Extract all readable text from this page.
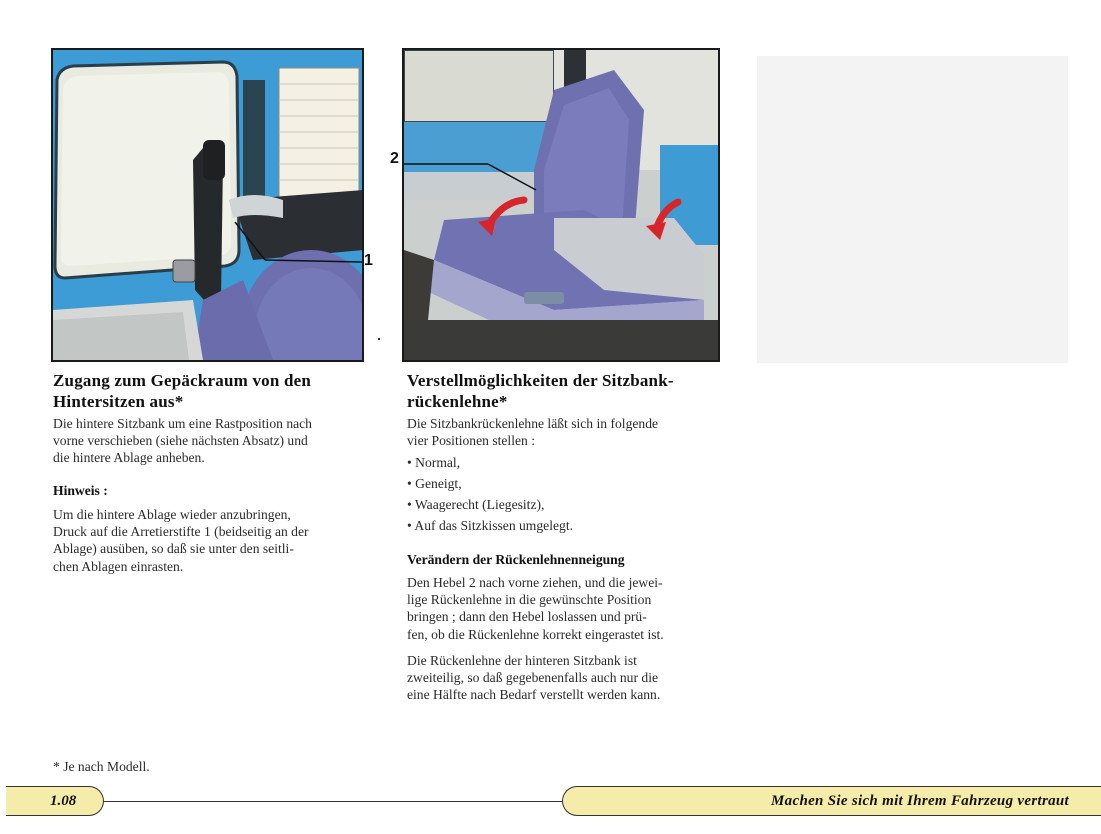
1
2
Zugang zum Gepäckraum von den Hintersitzen aus*
Die hintere Sitzbank um eine Rastposition nach
vorne verschieben (siehe nächsten Absatz) und
die hintere Ablage anheben.
Hinweis :
Um die hintere Ablage wieder anzubringen,
Druck auf die Arretierstifte 1 (beidseitig an der
Ablage) ausüben, so daß sie unter den seitli-
chen Ablagen einrasten.
Verstellmöglichkeiten der Sitzbank-rückenlehne*
Die Sitzbankrückenlehne läßt sich in folgende
vier Positionen stellen :
• Normal,
• Geneigt,
• Waagerecht (Liegesitz),
• Auf das Sitzkissen umgelegt.
Verändern der Rückenlehnenneigung
Den Hebel 2 nach vorne ziehen, und die jewei-
lige Rückenlehne in die gewünschte Position
bringen ; dann den Hebel loslassen und prü-
fen, ob die Rückenlehne korrekt eingerastet ist.
Die Rückenlehne der hinteren Sitzbank ist
zweiteilig, so daß gegebenenfalls auch nur die
eine Hälfte nach Bedarf verstellt werden kann.
* Je nach Modell.
1.08	Machen Sie sich mit Ihrem Fahrzeug vertraut
